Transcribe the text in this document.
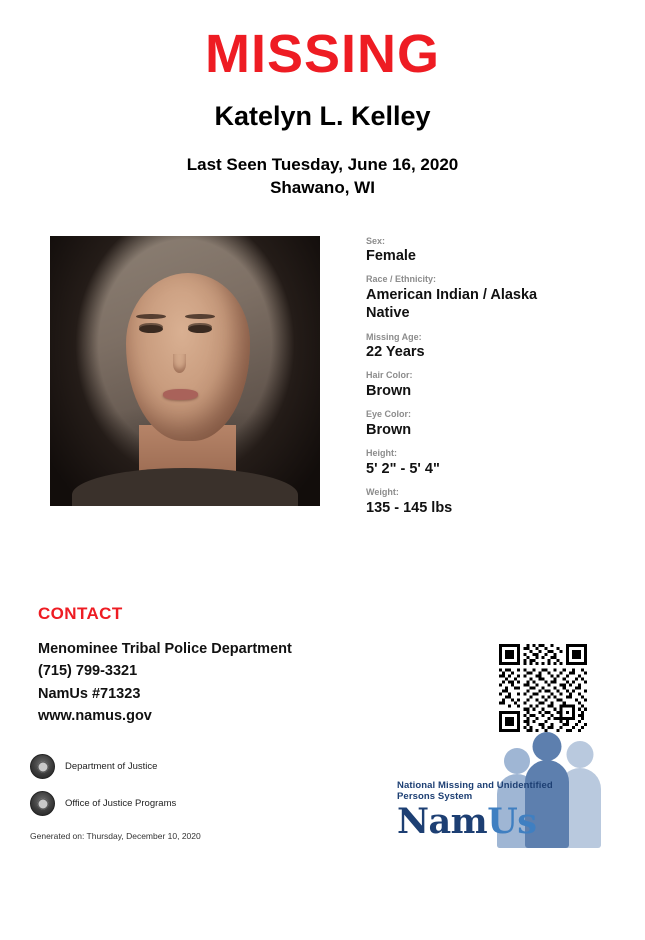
MISSING
Katelyn L. Kelley
Last Seen Tuesday, June 16, 2020
Shawano, WI
Sex:
Female
Race / Ethnicity:
American Indian / Alaska Native
Missing Age:
22 Years
Hair Color:
Brown
Eye Color:
Brown
Height:
5' 2" - 5' 4"
Weight:
135 - 145 lbs
CONTACT
Menominee Tribal Police Department
(715) 799-3321
NamUs #71323
www.namus.gov
Department of Justice
Office of Justice Programs
Generated on: Thursday, December 10, 2020
National Missing and Unidentified Persons System
NamUs
